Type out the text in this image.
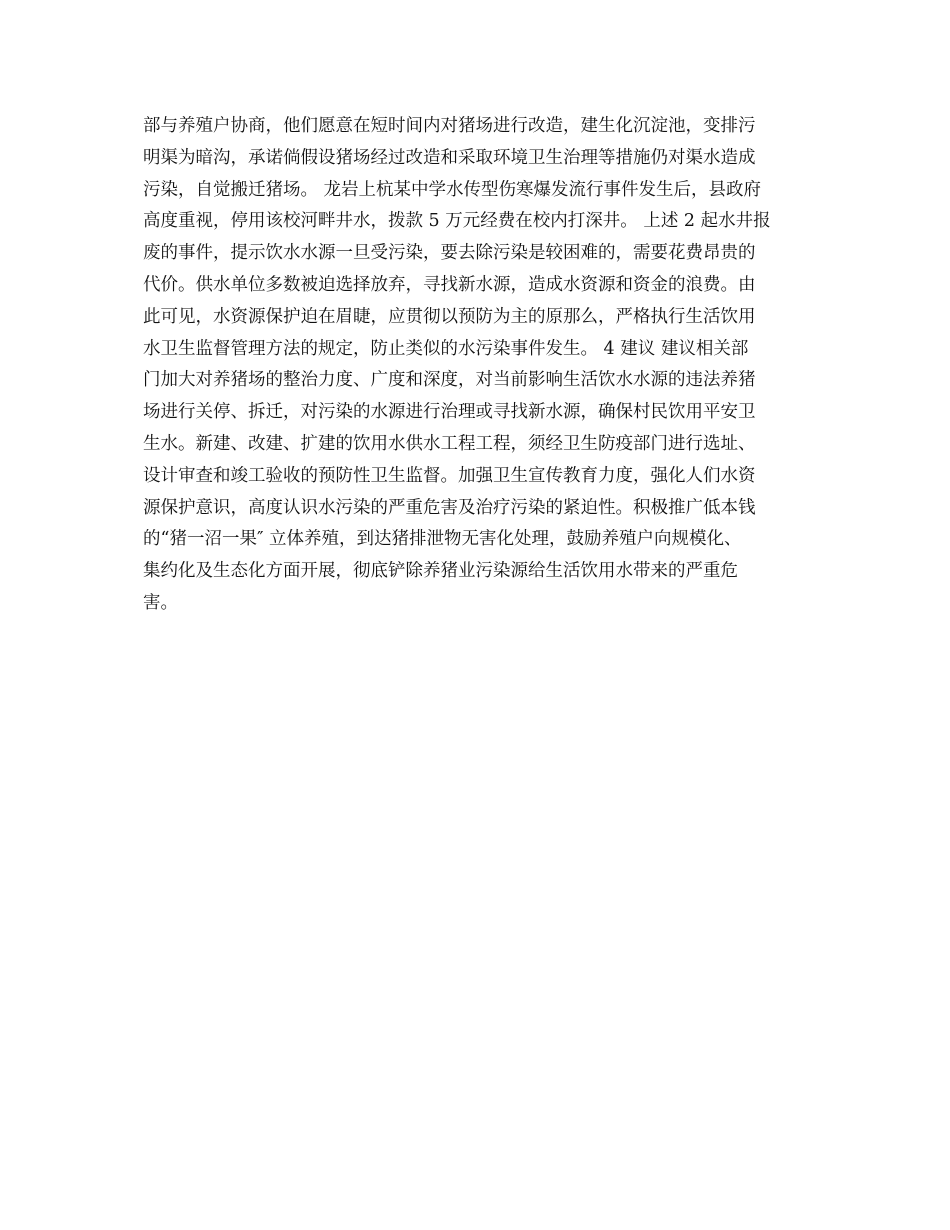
部与养殖户协商，他们愿意在短时间内对猪场进行改造，建生化沉淀池，变排污
明渠为暗沟，承诺倘假设猪场经过改造和采取环境卫生治理等措施仍对渠水造成
污染，自觉搬迁猪场。 龙岩上杭某中学水传型伤寒爆发流行事件发生后，县政府
高度重视，停用该校河畔井水，拨款 5 万元经费在校内打深井。 上述 2 起水井报
废的事件，提示饮水水源一旦受污染，要去除污染是较困难的，需要花费昂贵的
代价。供水单位多数被迫选择放弃，寻找新水源，造成水资源和资金的浪费。由
此可见，水资源保护迫在眉睫，应贯彻以预防为主的原那么，严格执行生活饮用
水卫生监督管理方法的规定，防止类似的水污染事件发生。 4 建议 建议相关部
门加大对养猪场的整治力度、广度和深度，对当前影响生活饮水水源的违法养猪
场进行关停、拆迁，对污染的水源进行治理或寻找新水源，确保村民饮用平安卫
生水。新建、改建、扩建的饮用水供水工程工程，须经卫生防疫部门进行选址、
设计审查和竣工验收的预防性卫生监督。加强卫生宣传教育力度，强化人们水资
源保护意识，高度认识水污染的严重危害及治疗污染的紧迫性。积极推广低本钱
的“猪一沼一果″ 立体养殖，到达猪排泄物无害化处理，鼓励养殖户向规模化、
集约化及生态化方面开展，彻底铲除养猪业污染源给生活饮用水带来的严重危
害。
